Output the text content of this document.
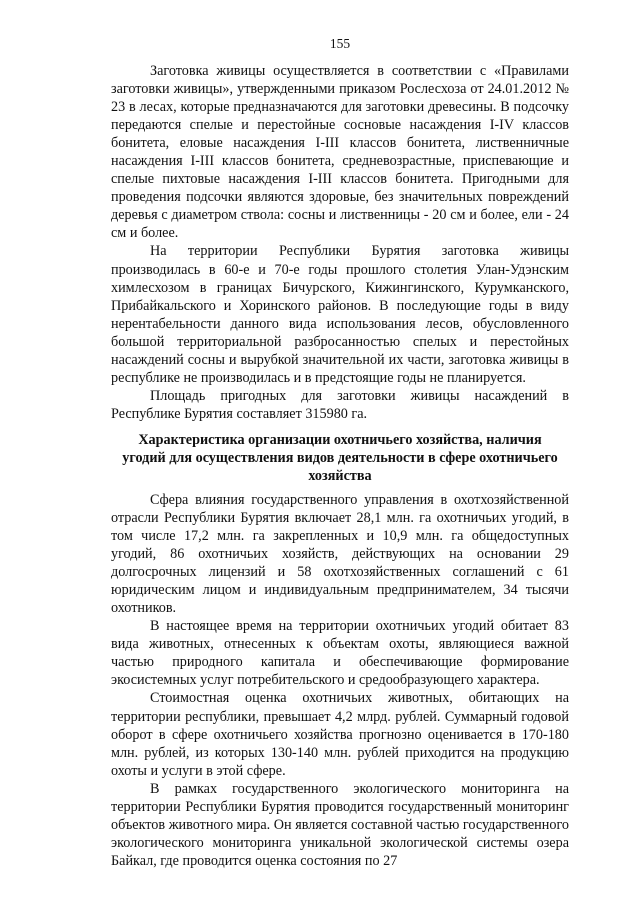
155

Заготовка живицы осуществляется в соответствии с «Правилами заготовки живицы», утвержденными приказом Рослесхоза от 24.01.2012 № 23 в лесах, которые предназначаются для заготовки древесины. В подсочку передаются спелые и перестойные сосновые насаждения I-IV классов бонитета, еловые насаждения I-III классов бонитета, лиственничные насаждения I-III классов бонитета, средневозрастные, приспевающие и спелые пихтовые насаждения I-III классов бонитета. Пригодными для проведения подсочки являются здоровые, без значительных повреждений деревья с диаметром ствола: сосны и лиственницы - 20 см и более, ели - 24 см и более.

На территории Республики Бурятия заготовка живицы производилась в 60-е и 70-е годы прошлого столетия Улан-Удэнским химлесхозом в границах Бичурского, Кижингинского, Курумканского, Прибайкальского и Хоринского районов. В последующие годы в виду нерентабельности данного вида использования лесов, обусловленного большой территориальной разбросанностью спелых и перестойных насаждений сосны и вырубкой значительной их части, заготовка живицы в республике не производилась и в предстоящие годы не планируется.

Площадь пригодных для заготовки живицы насаждений в Республике Бурятия составляет 315980 га.

Характеристика организации охотничьего хозяйства, наличия угодий для осуществления видов деятельности в сфере охотничьего хозяйства

Сфера влияния государственного управления в охотхозяйственной отрасли Республики Бурятия включает 28,1 млн. га охотничьих угодий, в том числе 17,2 млн. га закрепленных и 10,9 млн. га общедоступных угодий, 86 охотничьих хозяйств, действующих на основании 29 долгосрочных лицензий и 58 охотхозяйственных соглашений с 61 юридическим лицом и индивидуальным предпринимателем, 34 тысячи охотников.

В настоящее время на территории охотничьих угодий обитает 83 вида животных, отнесенных к объектам охоты, являющиеся важной частью природного капитала и обеспечивающие формирование экосистемных услуг потребительского и средообразующего характера.

Стоимостная оценка охотничьих животных, обитающих на территории республики, превышает 4,2 млрд. рублей. Суммарный годовой оборот в сфере охотничьего хозяйства прогнозно оценивается в 170-180 млн. рублей, из которых 130-140 млн. рублей приходится на продукцию охоты и услуги в этой сфере.

В рамках государственного экологического мониторинга на территории Республики Бурятия проводится государственный мониторинг объектов животного мира. Он является составной частью государственного экологического мониторинга уникальной экологической системы озера Байкал, где проводится оценка состояния по 27
